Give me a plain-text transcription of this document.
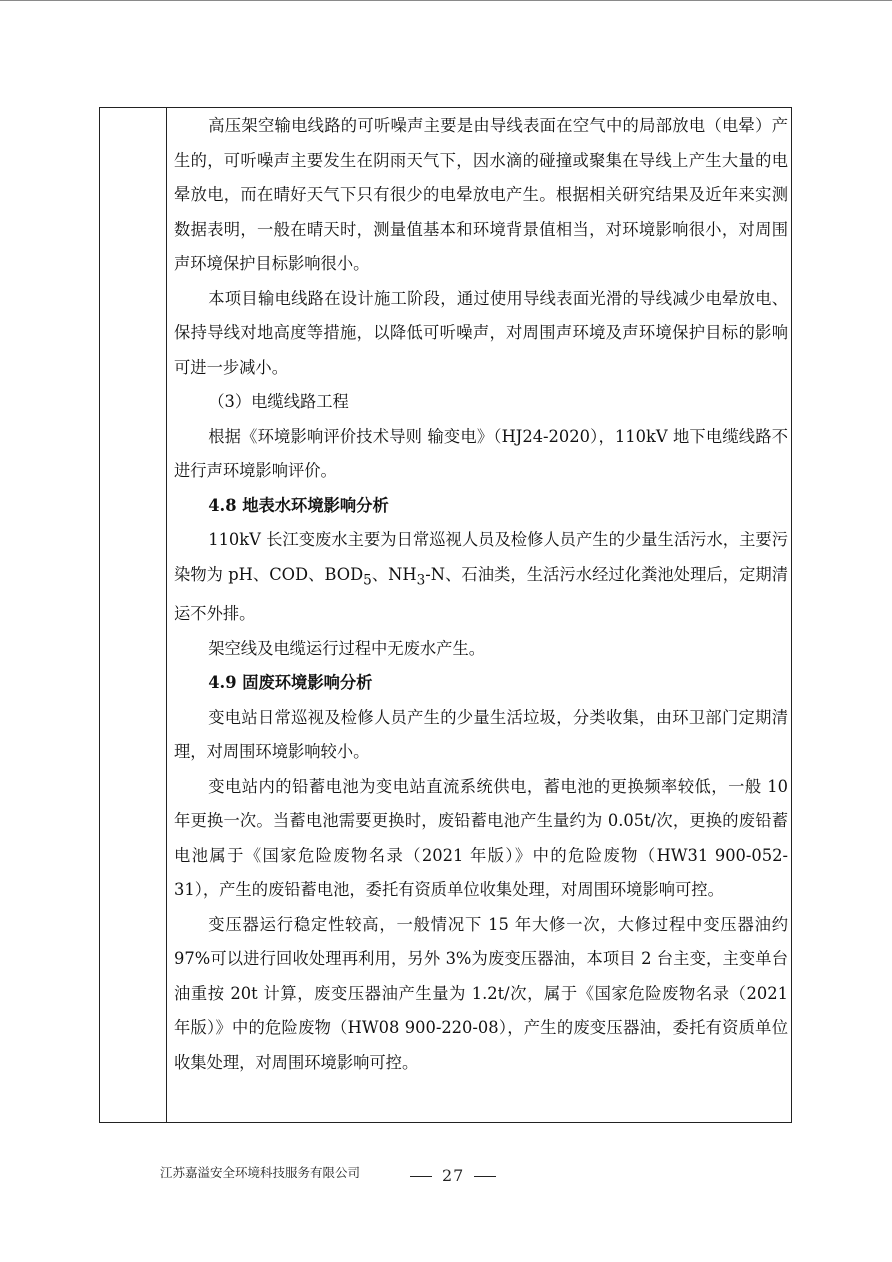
高压架空输电线路的可听噪声主要是由导线表面在空气中的局部放电（电晕）产生的，可听噪声主要发生在阴雨天气下，因水滴的碰撞或聚集在导线上产生大量的电晕放电，而在晴好天气下只有很少的电晕放电产生。根据相关研究结果及近年来实测数据表明，一般在晴天时，测量值基本和环境背景值相当，对环境影响很小，对周围声环境保护目标影响很小。

本项目输电线路在设计施工阶段，通过使用导线表面光滑的导线减少电晕放电、保持导线对地高度等措施，以降低可听噪声，对周围声环境及声环境保护目标的影响可进一步减小。

（3）电缆线路工程

根据《环境影响评价技术导则 输变电》（HJ24-2020），110kV 地下电缆线路不进行声环境影响评价。

4.8 地表水环境影响分析

110kV 长江变废水主要为日常巡视人员及检修人员产生的少量生活污水，主要污染物为 pH、COD、$BOD_5$、$NH_3-N$、石油类，生活污水经过化粪池处理后，定期清运不外排。

架空线及电缆运行过程中无废水产生。

4.9 固废环境影响分析

变电站日常巡视及检修人员产生的少量生活垃圾，分类收集，由环卫部门定期清理，对周围环境影响较小。

变电站内的铅蓄电池为变电站直流系统供电，蓄电池的更换频率较低，一般 10 年更换一次。当蓄电池需要更换时，废铅蓄电池产生量约为 0.05t/次，更换的废铅蓄电池属于《国家危险废物名录（2021 年版）》中的危险废物（HW31 900-052-31），产生的废铅蓄电池，委托有资质单位收集处理，对周围环境影响可控。

变压器运行稳定性较高，一般情况下 15 年大修一次，大修过程中变压器油约 97%可以进行回收处理再利用，另外 3%为废变压器油，本项目 2 台主变，主变单台油重按 20t 计算，废变压器油产生量为 1.2t/次，属于《国家危险废物名录（2021 年版）》中的危险废物（HW08 900-220-08），产生的废变压器油，委托有资质单位收集处理，对周围环境影响可控。

江苏嘉溢安全环境科技服务有限公司	27
